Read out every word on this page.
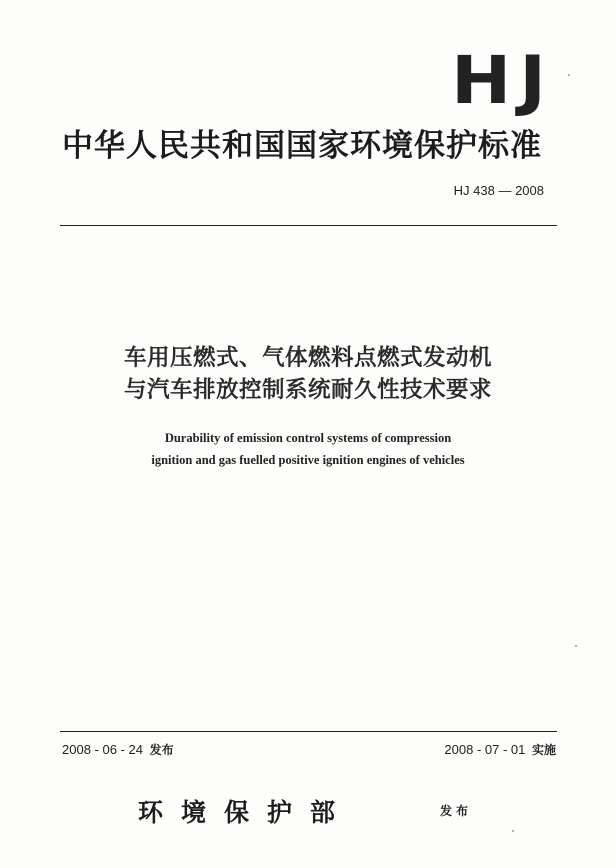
HJ
中华人民共和国国家环境保护标准
HJ 438 — 2008
车用压燃式、气体燃料点燃式发动机
与汽车排放控制系统耐久性技术要求
Durability of emission control systems of compression
ignition and gas fuelled positive ignition engines of vehicles
2008 - 06 - 24 发布	2008 - 07 - 01 实施
环境保护部	发布
